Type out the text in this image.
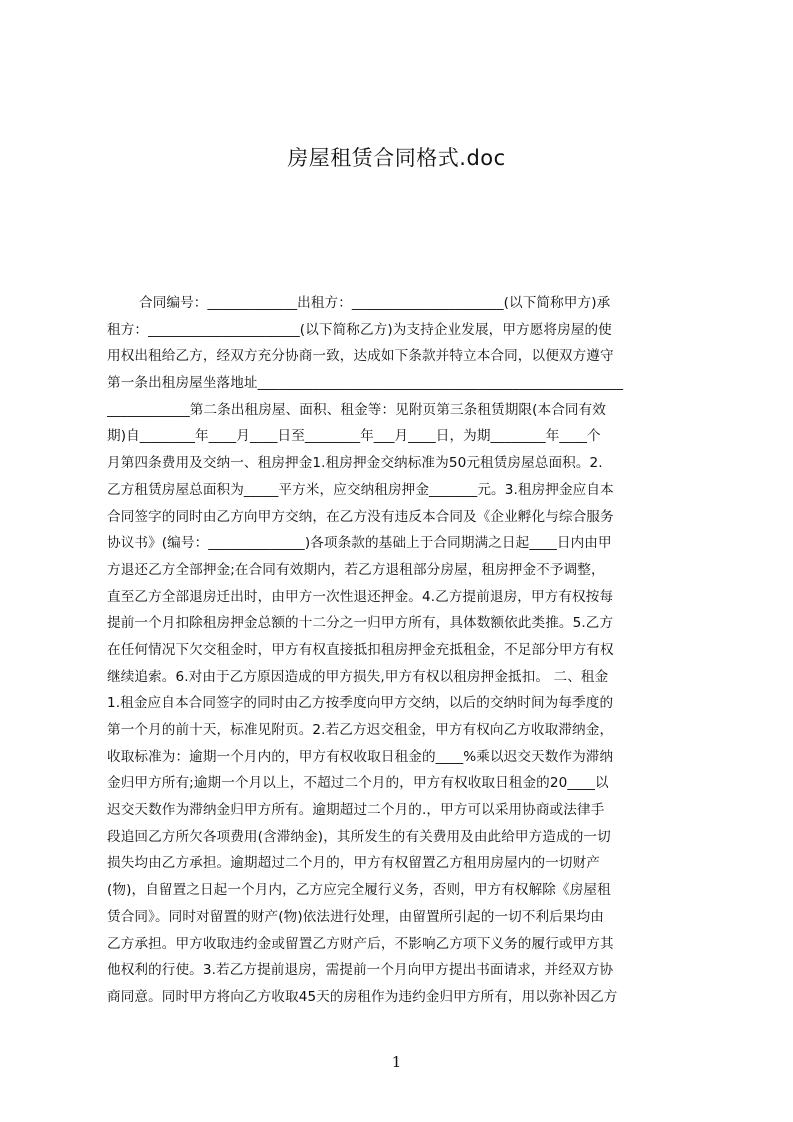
房屋租赁合同格式.doc
合同编号：_____________出租方：______________________(以下简称甲方)承
租方：______________________(以下简称乙方)为支持企业发展，甲方愿将房屋的使
用权出租给乙方，经双方充分协商一致，达成如下条款并特立本合同，以便双方遵守
第一条出租房屋坐落地址_____________________________________________________
____________第二条出租房屋、面积、租金等：见附页第三条租赁期限(本合同有效
期)自________年____月____日至________年___月____日，为期________年____个
月第四条费用及交纳一、租房押金1.租房押金交纳标准为50元租赁房屋总面积。2.
乙方租赁房屋总面积为_____平方米，应交纳租房押金_______元。3.租房押金应自本
合同签字的同时由乙方向甲方交纳，在乙方没有违反本合同及《企业孵化与综合服务
协议书》(编号：______________)各项条款的基础上于合同期满之日起____日内由甲
方退还乙方全部押金;在合同有效期内，若乙方退租部分房屋，租房押金不予调整，
直至乙方全部退房迁出时，由甲方一次性退还押金。4.乙方提前退房，甲方有权按每
提前一个月扣除租房押金总额的十二分之一归甲方所有，具体数额依此类推。5.乙方
在任何情况下欠交租金时，甲方有权直接抵扣租房押金充抵租金，不足部分甲方有权
继续追索。6.对由于乙方原因造成的甲方损失,甲方有权以租房押金抵扣。 二、租金
1.租金应自本合同签字的同时由乙方按季度向甲方交纳，以后的交纳时间为每季度的
第一个月的前十天，标准见附页。2.若乙方迟交租金，甲方有权向乙方收取滞纳金，
收取标准为：逾期一个月内的，甲方有权收取日租金的____%乘以迟交天数作为滞纳
金归甲方所有;逾期一个月以上，不超过二个月的，甲方有权收取日租金的20____以
迟交天数作为滞纳金归甲方所有。逾期超过二个月的.，甲方可以采用协商或法律手
段追回乙方所欠各项费用(含滞纳金)，其所发生的有关费用及由此给甲方造成的一切
损失均由乙方承担。逾期超过二个月的，甲方有权留置乙方租用房屋内的一切财产
(物)，自留置之日起一个月内，乙方应完全履行义务，否则，甲方有权解除《房屋租
赁合同》。同时对留置的财产(物)依法进行处理，由留置所引起的一切不利后果均由
乙方承担。甲方收取违约金或留置乙方财产后，不影响乙方项下义务的履行或甲方其
他权利的行使。3.若乙方提前退房，需提前一个月向甲方提出书面请求，并经双方协
商同意。同时甲方将向乙方收取45天的房租作为违约金归甲方所有，用以弥补因乙方
1
